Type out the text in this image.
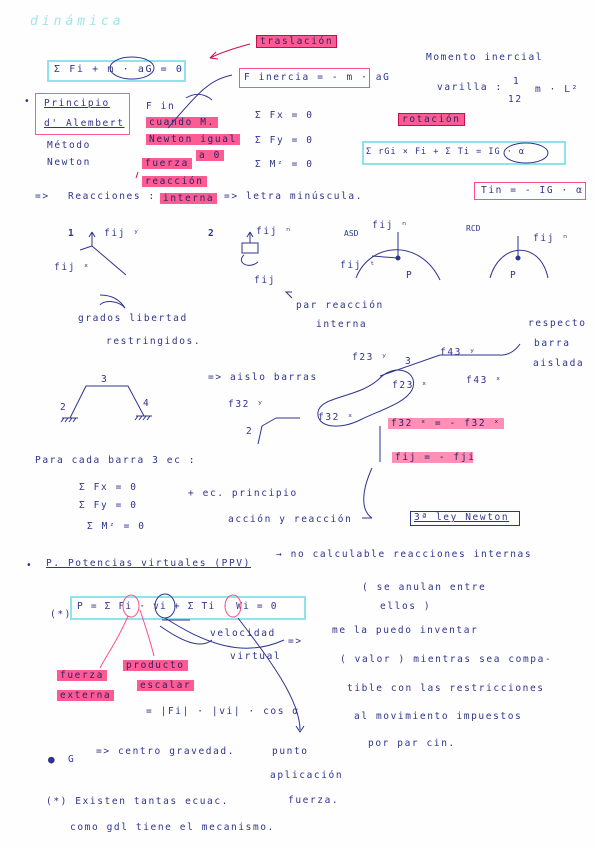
dinámica
Σ Fi + m · aG = 0
traslación
F inercia = - m · aG
Momento inercial
varilla :
1
12
m · L²
• Principio
d' Alembert
Método
Newton
F in
cuando M.
Newton igual
a 0
fuerza
reacción
Σ Fx = 0
Σ Fy = 0
Σ Mᶻ = 0
rotación
Σ rGi × Fi + Σ Ti = IG · α
Tin = - IG · α
=> Reacciones : interna	=> letra minúscula.
1	fij ʸ
fij ˣ
2	fij ⁿ
fij
ASD
fij ⁿ
fij ᵗ
P
RCD
fij ⁿ
P
grados libertad
restringidos.
par reacción
interna	respecto
barra
aislada
3
2	4
=> aislo barras
f23 ʸ
f23 ˣ
f43 ʸ
f43 ˣ
3
f32 ʸ
f32 ˣ
2
f32 ˣ = - f32 ˣ
fij = - fji
Para cada barra 3 ec :
Σ Fx = 0
Σ Fy = 0
Σ Mᶻ = 0
+ ec. principio
acción y reacción	3ª ley Newton
• P. Potencias virtuales (PPV)
→ no calculable reacciones internas
( se anulan entre
ellos )
(*)
P = Σ Fi · vi + Σ Ti · Wi = 0
velocidad
virtual
=>
me la puedo inventar
( valor ) mientras sea compa-
tible con las restricciones
al movimiento impuestos
por par cin.
fuerza
externa
producto
escalar
= |Fi| · |vi| · cos α
● G
=> centro gravedad.	punto
aplicación
fuerza.
(*) Existen tantas ecuac.
como gdl tiene el mecanismo.
